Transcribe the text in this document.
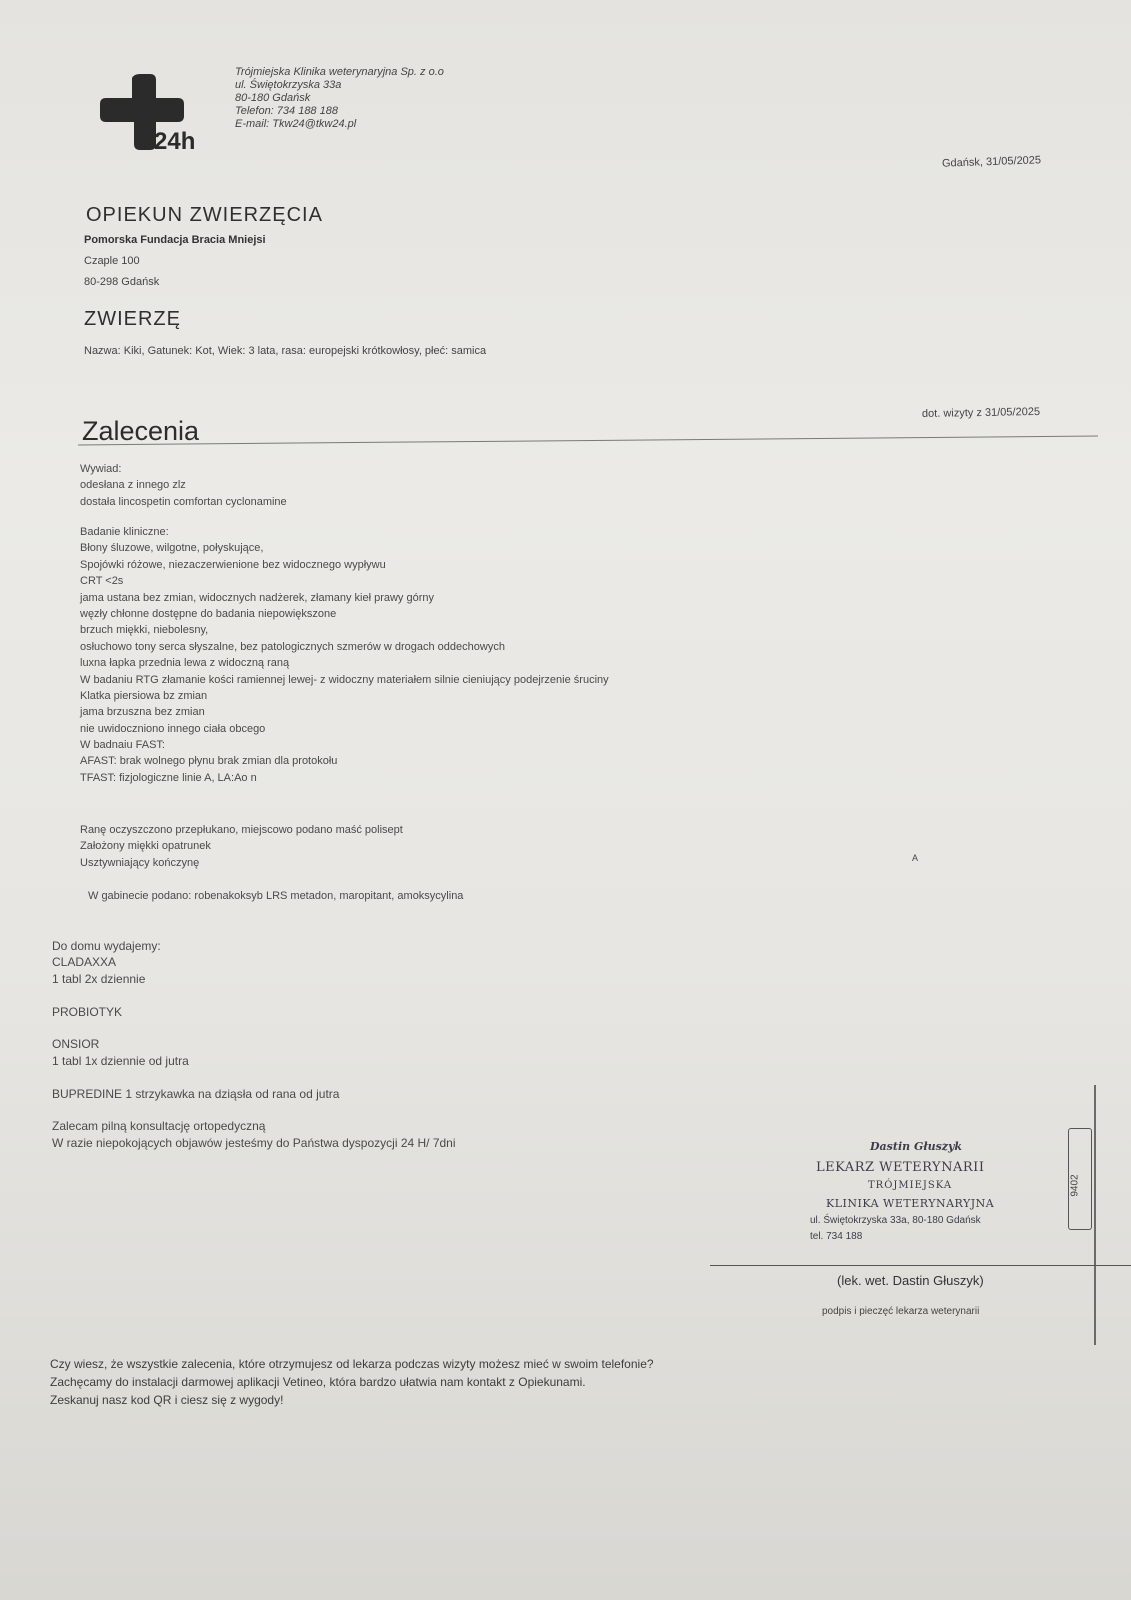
24h
Trójmiejska Klinika weterynaryjna Sp. z o.o
ul. Świętokrzyska 33a
80-180 Gdańsk
Telefon: 734 188 188
E-mail: Tkw24@tkw24.pl
Gdańsk, 31/05/2025
OPIEKUN ZWIERZĘCIA
Pomorska Fundacja Bracia Mniejsi
Czaple 100
80-298 Gdańsk
ZWIERZĘ
Nazwa: Kiki, Gatunek: Kot, Wiek: 3 lata, rasa: europejski krótkowłosy, płeć: samica
dot. wizyty z 31/05/2025
Zalecenia
Wywiad:
odesłana z innego zlz
dostała lincospetin comfortan cyclonamine
Badanie kliniczne:
Błony śluzowe, wilgotne, połyskujące,
Spojówki różowe, niezaczerwienione bez widocznego wypływu
CRT <2s
jama ustana bez zmian, widocznych nadżerek, złamany kieł prawy górny
węzły chłonne dostępne do badania niepowiększone
brzuch miękki, niebolesny,
osłuchowo tony serca słyszalne, bez patologicznych szmerów w drogach oddechowych
luxna łapka przednia lewa z widoczną raną
W badaniu RTG złamanie kości ramiennej lewej- z widoczny materiałem silnie cieniujący podejrzenie śruciny
Klatka piersiowa bz zmian
jama brzuszna bez zmian
nie uwidoczniono innego ciała obcego
W badnaiu FAST:
AFAST: brak wolnego płynu brak zmian dla protokołu
TFAST: fizjologiczne linie A, LA:Ao n
Ranę oczyszczono przepłukano, miejscowo podano maść polisept
Założony miękki opatrunek
Usztywniający kończynę	A
W gabinecie podano: robenakoksyb LRS metadon, maropitant, amoksycylina
Do domu wydajemy:
CLADAXXA
1 tabl 2x dziennie
PROBIOTYK
ONSIOR
1 tabl 1x dziennie od jutra
BUPREDINE 1 strzykawka na dziąsła od rana od jutra
Zalecam pilną konsultację ortopedyczną
W razie niepokojących objawów jesteśmy do Państwa dyspozycji 24 H/ 7dni	Dastin Głuszyk
LEKARZ WETERYNARII
TRÓJMIEJSKA
KLINIKA WETERYNARYJNA
ul. Świętokrzyska 33a, 80-180 Gdańsk
tel. 734 188
9402
(lek. wet. Dastin Głuszyk)
podpis i pieczęć lekarza weterynarii
Czy wiesz, że wszystkie zalecenia, które otrzymujesz od lekarza podczas wizyty możesz mieć w swoim telefonie?
Zachęcamy do instalacji darmowej aplikacji Vetineo, która bardzo ułatwia nam kontakt z Opiekunami.
Zeskanuj nasz kod QR i ciesz się z wygody!
